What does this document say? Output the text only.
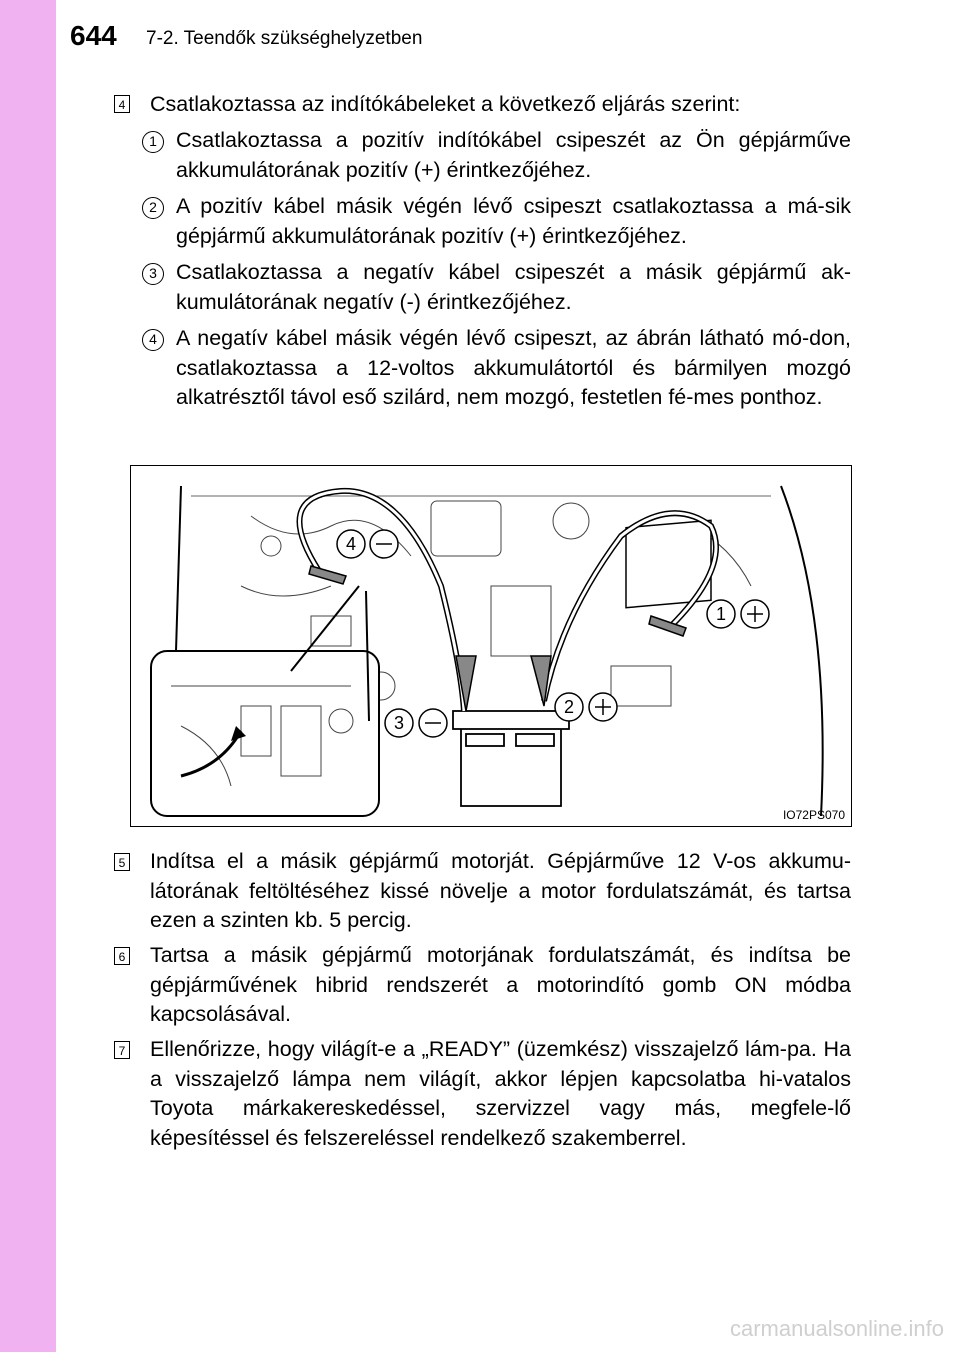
644 7-2. Teendők szükséghelyzetben
4 Csatlakoztassa az indítókábeleket a következő eljárás szerint:
1 Csatlakoztassa a pozitív indítókábel csipeszét az Ön gépjárműve akkumulátorának pozitív (+) érintkezőjéhez.
2 A pozitív kábel másik végén lévő csipeszt csatlakoztassa a má-sik gépjármű akkumulátorának pozitív (+) érintkezőjéhez.
3 Csatlakoztassa a negatív kábel csipeszét a másik gépjármű ak-kumulátorának negatív (-) érintkezőjéhez.
4 A negatív kábel másik végén lévő csipeszt, az ábrán látható mó-don, csatlakoztassa a 12-voltos akkumulátortól és bármilyen mozgó alkatrésztől távol eső szilárd, nem mozgó, festetlen fé-mes ponthoz.
4
1
2
3
IO72PS070
5 Indítsa el a másik gépjármű motorját. Gépjárműve 12 V-os akkumu-látorának feltöltéséhez kissé növelje a motor fordulatszámát, és tartsa ezen a szinten kb. 5 percig.
6 Tartsa a másik gépjármű motorjának fordulatszámát, és indítsa be gépjárművének hibrid rendszerét a motorindító gomb ON módba kapcsolásával.
7 Ellenőrizze, hogy világít-e a „READY” (üzemkész) visszajelző lám-pa. Ha a visszajelző lámpa nem világít, akkor lépjen kapcsolatba hi-vatalos Toyota márkakereskedéssel, szervizzel vagy más, megfele-lő képesítéssel és felszereléssel rendelkező szakemberrel.
carmanualsonline.info
